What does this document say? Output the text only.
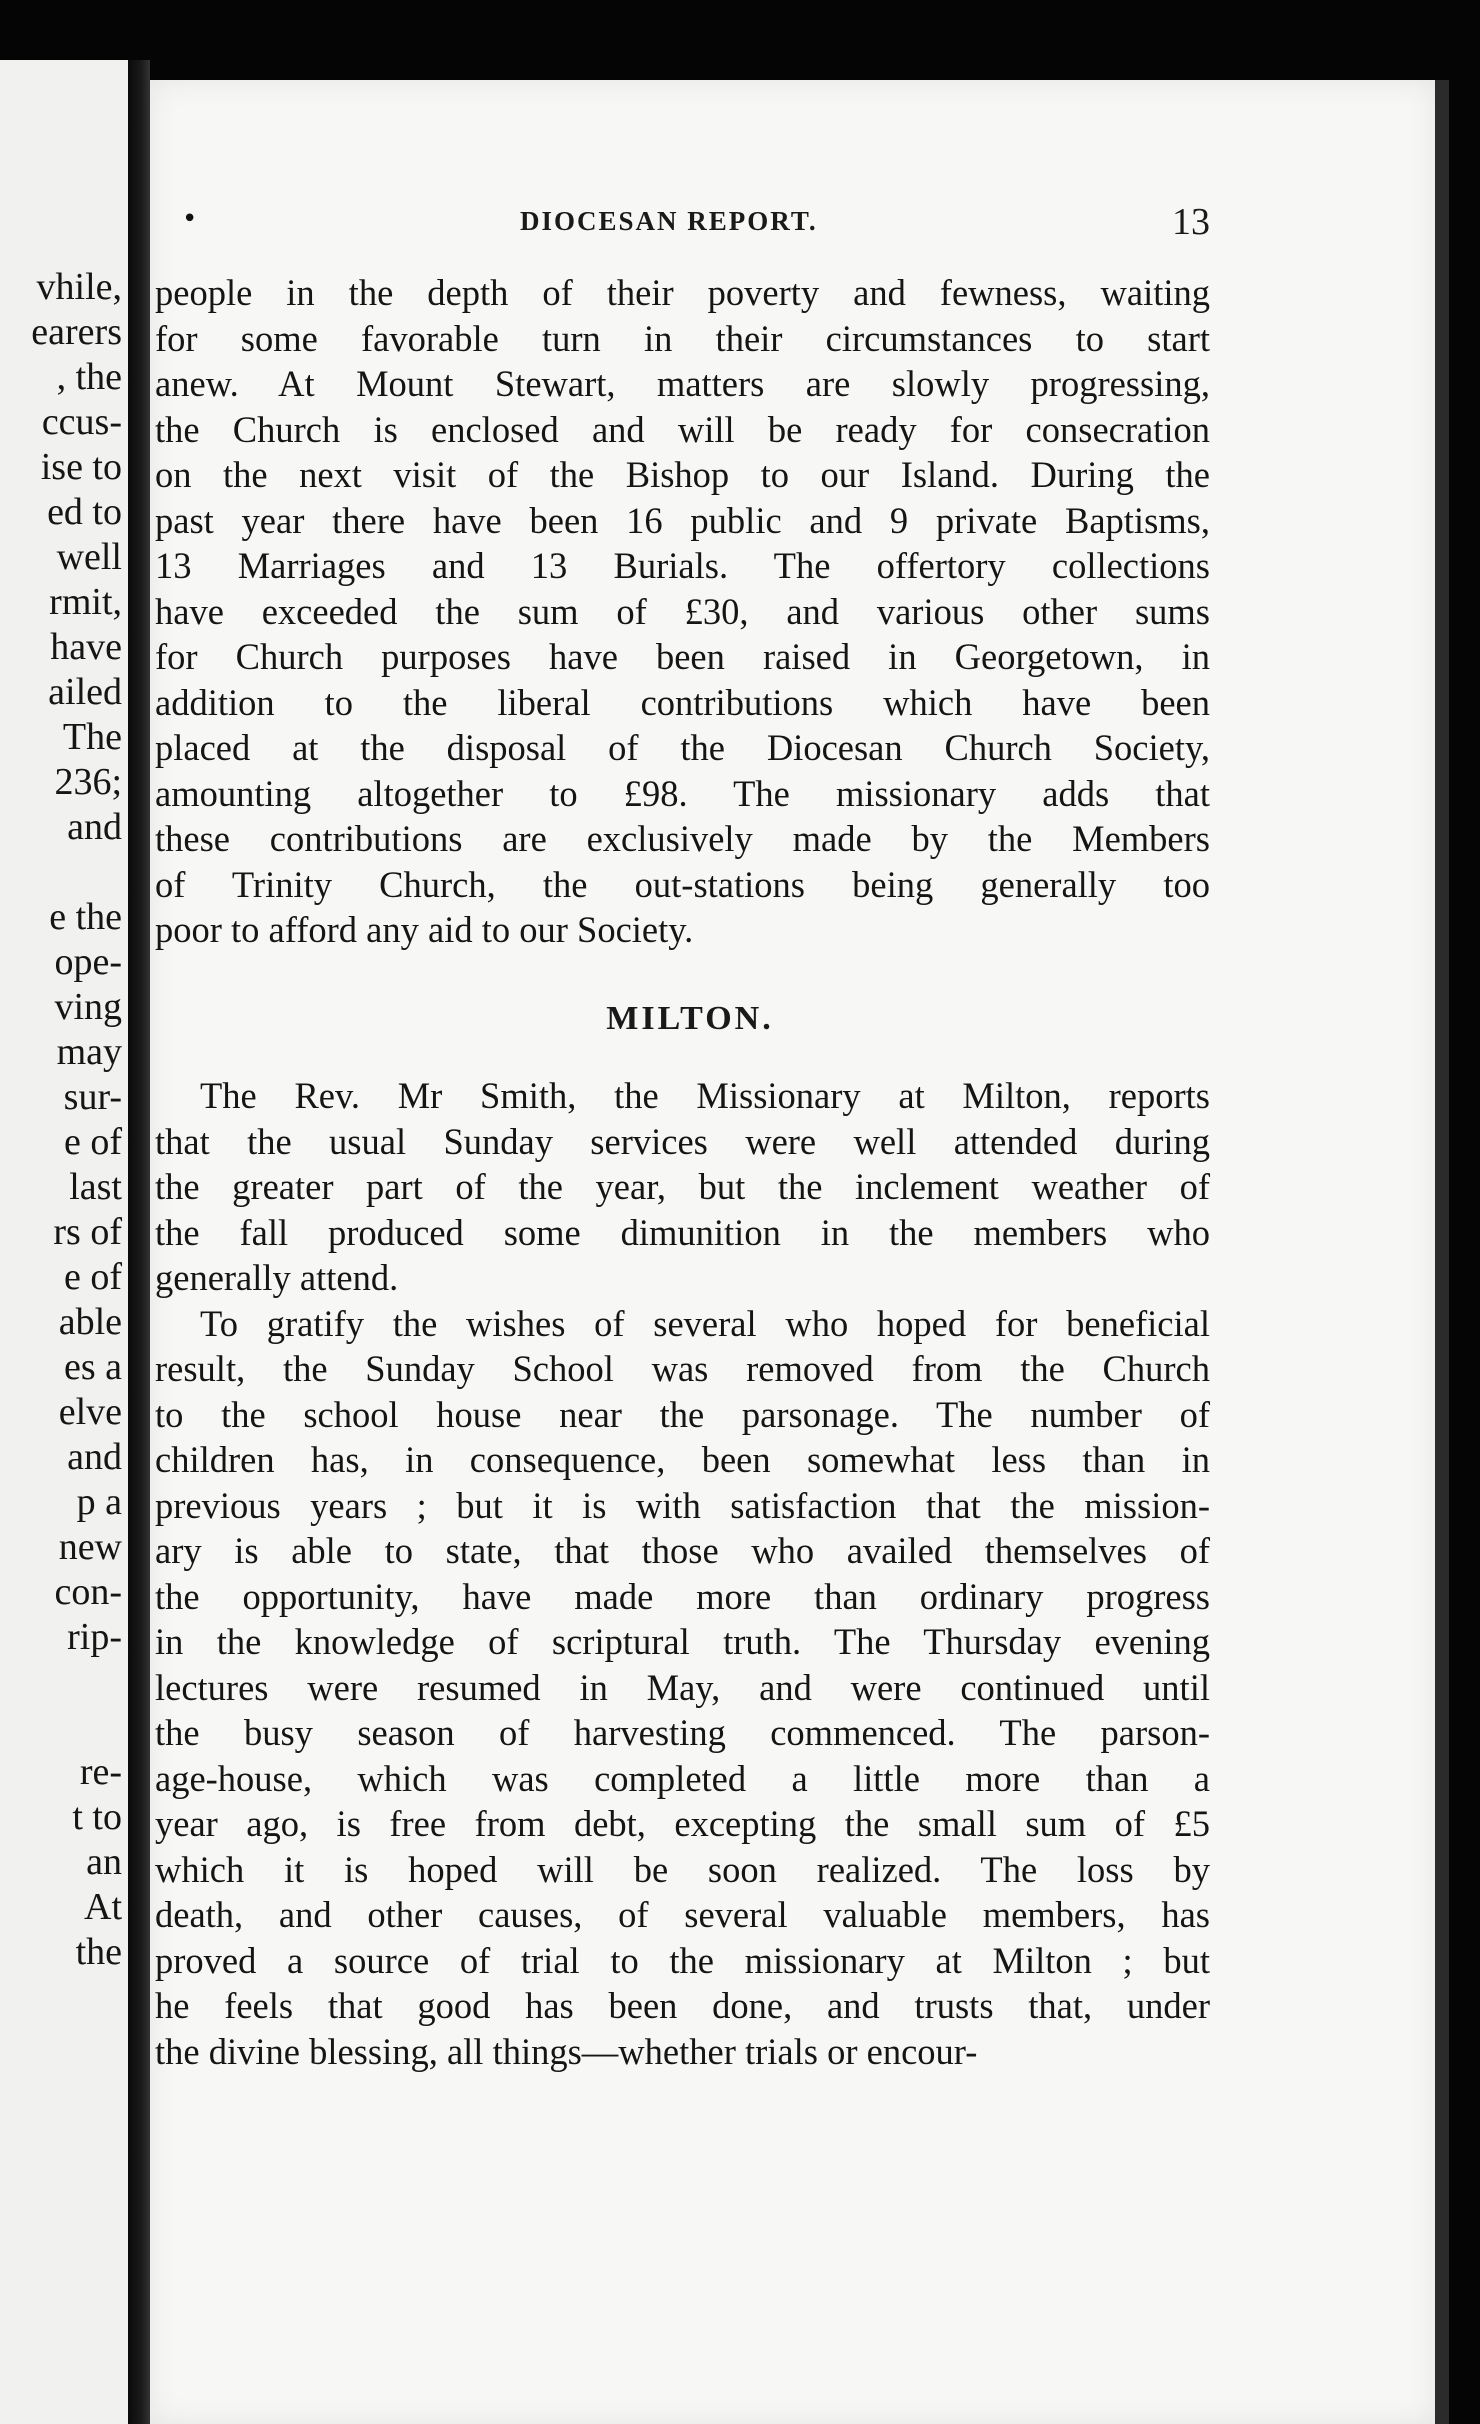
vhile,
earers
, the
ccus-
ise to
ed to
well
rmit,
have
ailed
The
236;
and
e the
ope-
ving
may
sur-
e of
last
rs of
e of
able
es a
elve
and
p a
new
con-
rip-
re-
t to
an
At
the
•	DIOCESAN REPORT.	13
people in the depth of their poverty and fewness, waiting
for some favorable turn in their circumstances to start
anew. At Mount Stewart, matters are slowly progressing,
the Church is enclosed and will be ready for consecration
on the next visit of the Bishop to our Island. During the
past year there have been 16 public and 9 private Baptisms,
13 Marriages and 13 Burials. The offertory collections
have exceeded the sum of £30, and various other sums
for Church purposes have been raised in Georgetown, in
addition to the liberal contributions which have been
placed at the disposal of the Diocesan Church Society,
amounting altogether to £98. The missionary adds that
these contributions are exclusively made by the Members
of Trinity Church, the out-stations being generally too
poor to afford any aid to our Society.
MILTON.
The Rev. Mr Smith, the Missionary at Milton, reports
that the usual Sunday services were well attended during
the greater part of the year, but the inclement weather of
the fall produced some dimunition in the members who
generally attend.
To gratify the wishes of several who hoped for beneficial
result, the Sunday School was removed from the Church
to the school house near the parsonage. The number of
children has, in consequence, been somewhat less than in
previous years ; but it is with satisfaction that the mission-
ary is able to state, that those who availed themselves of
the opportunity, have made more than ordinary progress
in the knowledge of scriptural truth. The Thursday evening
lectures were resumed in May, and were continued until
the busy season of harvesting commenced. The parson-
age-house, which was completed a little more than a
year ago, is free from debt, excepting the small sum of £5
which it is hoped will be soon realized. The loss by
death, and other causes, of several valuable members, has
proved a source of trial to the missionary at Milton ; but
he feels that good has been done, and trusts that, under
the divine blessing, all things—whether trials or encour-
